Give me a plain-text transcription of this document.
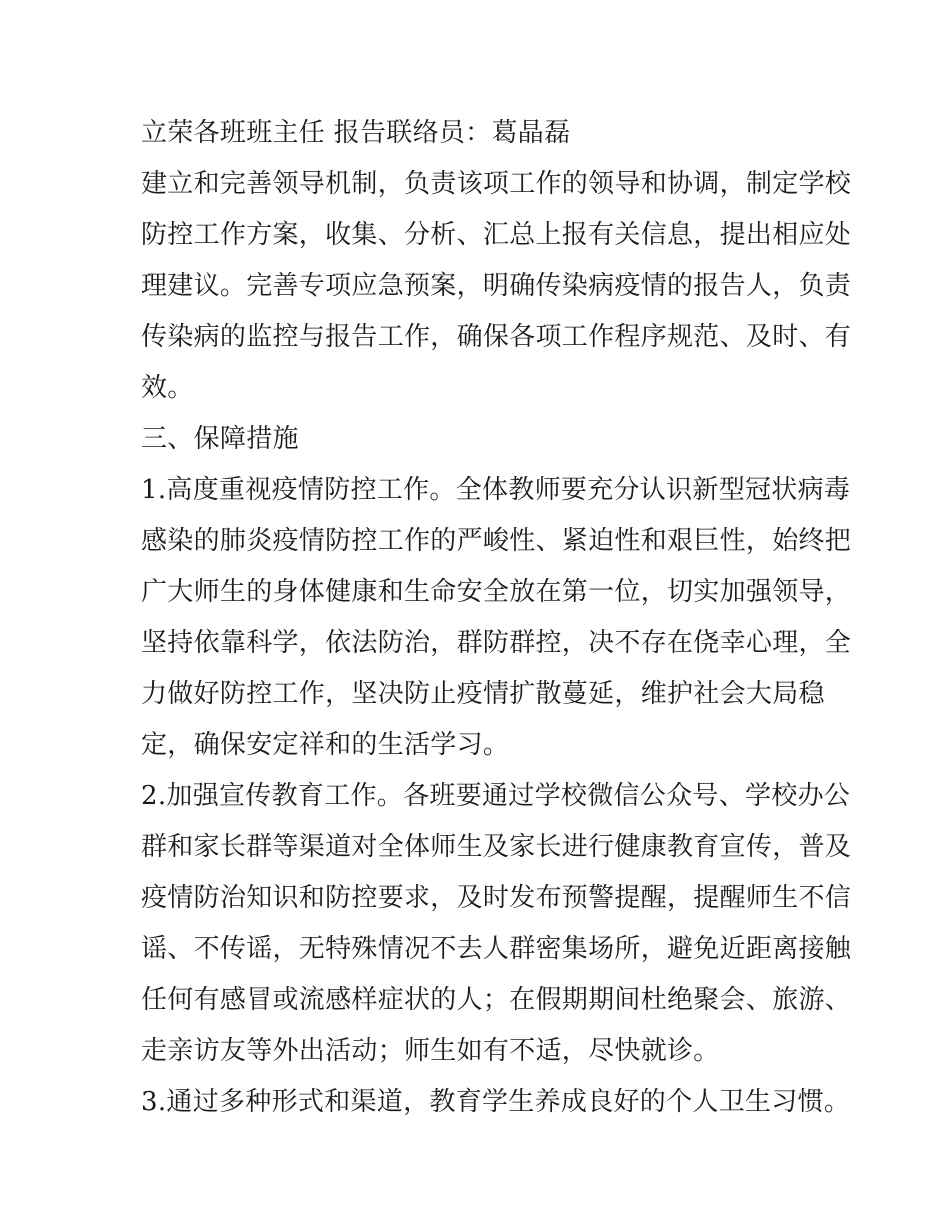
立荣各班班主任 报告联络员：葛晶磊
建立和完善领导机制，负责该项工作的领导和协调，制定学校
防控工作方案，收集、分析、汇总上报有关信息，提出相应处
理建议。完善专项应急预案，明确传染病疫情的报告人，负责
传染病的监控与报告工作，确保各项工作程序规范、及时、有
效。
三、保障措施
1.高度重视疫情防控工作。全体教师要充分认识新型冠状病毒
感染的肺炎疫情防控工作的严峻性、紧迫性和艰巨性，始终把
广大师生的身体健康和生命安全放在第一位，切实加强领导，
坚持依靠科学，依法防治，群防群控，决不存在侥幸心理，全
力做好防控工作，坚决防止疫情扩散蔓延，维护社会大局稳
定，确保安定祥和的生活学习。
2.加强宣传教育工作。各班要通过学校微信公众号、学校办公
群和家长群等渠道对全体师生及家长进行健康教育宣传，普及
疫情防治知识和防控要求，及时发布预警提醒，提醒师生不信
谣、不传谣，无特殊情况不去人群密集场所，避免近距离接触
任何有感冒或流感样症状的人；在假期期间杜绝聚会、旅游、
走亲访友等外出活动；师生如有不适，尽快就诊。
3.通过多种形式和渠道，教育学生养成良好的个人卫生习惯。
